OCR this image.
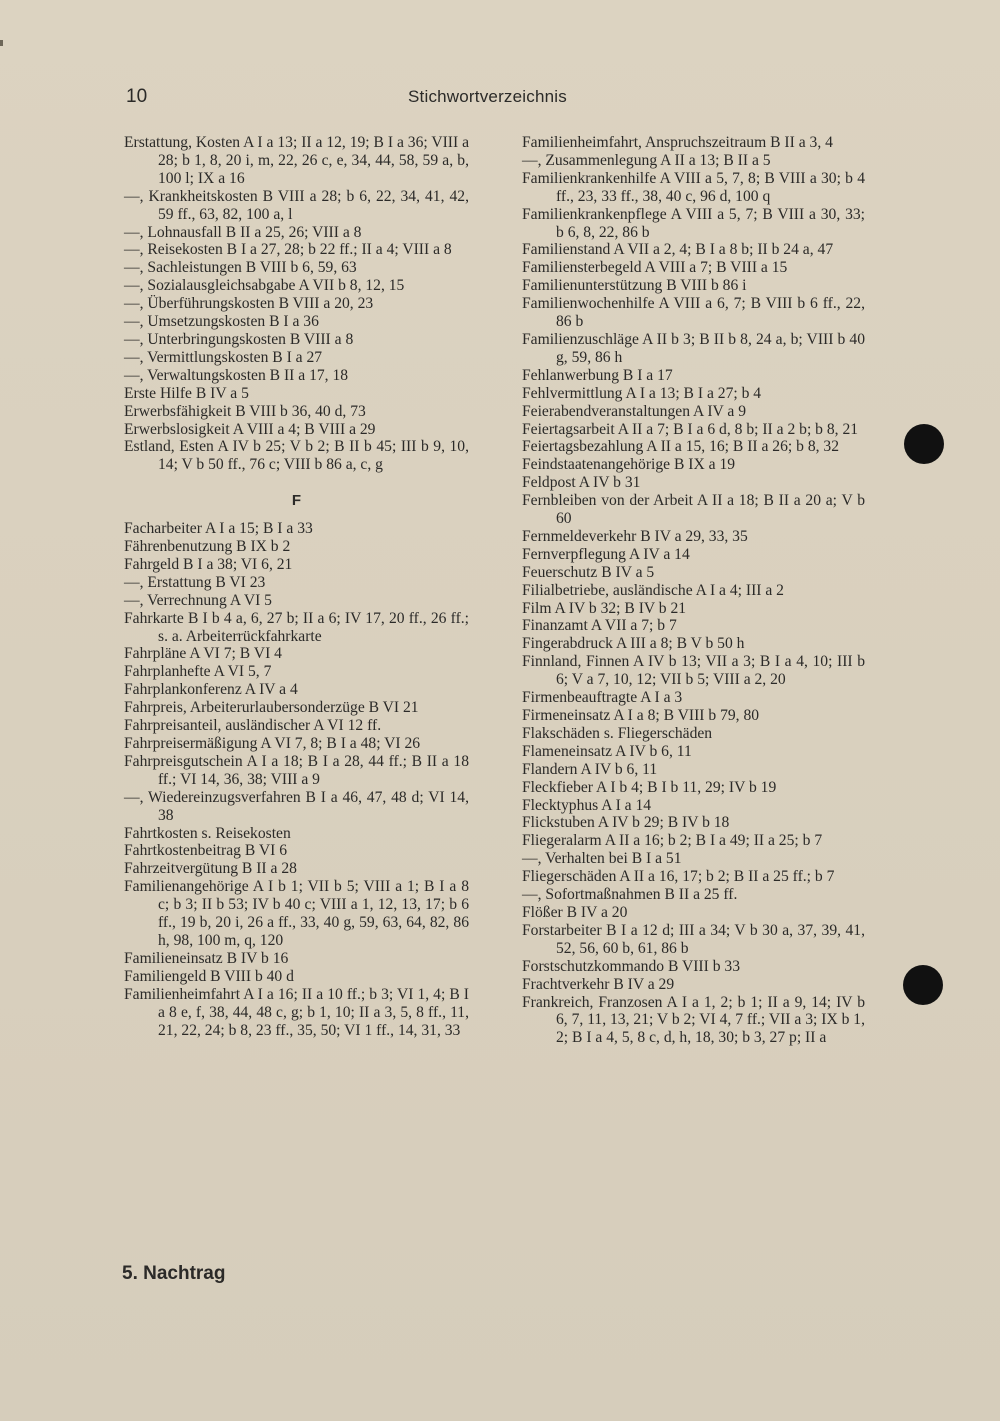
10	Stichwortverzeichnis
Erstattung, Kosten A I a 13; II a 12, 19; B I a 36; VIII a 28; b 1, 8, 20 i, m, 22, 26 c, e, 34, 44, 58, 59 a, b, 100 l; IX a 16
—, Krankheitskosten B VIII a 28; b 6, 22, 34, 41, 42, 59 ff., 63, 82, 100 a, l
—, Lohnausfall B II a 25, 26; VIII a 8
—, Reisekosten B I a 27, 28; b 22 ff.; II a 4; VIII a 8
—, Sachleistungen B VIII b 6, 59, 63
—, Sozialausgleichsabgabe A VII b 8, 12, 15
—, Überführungskosten B VIII a 20, 23
—, Umsetzungskosten B I a 36
—, Unterbringungskosten B VIII a 8
—, Vermittlungskosten B I a 27
—, Verwaltungskosten B II a 17, 18
Erste Hilfe B IV a 5
Erwerbsfähigkeit B VIII b 36, 40 d, 73
Erwerbslosigkeit A VIII a 4; B VIII a 29
Estland, Esten A IV b 25; V b 2; B II b 45; III b 9, 10, 14; V b 50 ff., 76 c; VIII b 86 a, c, g
F
Facharbeiter A I a 15; B I a 33
Fährenbenutzung B IX b 2
Fahrgeld B I a 38; VI 6, 21
—, Erstattung B VI 23
—, Verrechnung A VI 5
Fahrkarte B I b 4 a, 6, 27 b; II a 6; IV 17, 20 ff., 26 ff.; s. a. Arbeiterrückfahrkarte
Fahrpläne A VI 7; B VI 4
Fahrplanhefte A VI 5, 7
Fahrplankonferenz A IV a 4
Fahrpreis, Arbeiterurlaubersonderzüge B VI 21
Fahrpreisanteil, ausländischer A VI 12 ff.
Fahrpreisermäßigung A VI 7, 8; B I a 48; VI 26
Fahrpreisgutschein A I a 18; B I a 28, 44 ff.; B II a 18 ff.; VI 14, 36, 38; VIII a 9
—, Wiedereinzugsverfahren B I a 46, 47, 48 d; VI 14, 38
Fahrtkosten s. Reisekosten
Fahrtkostenbeitrag B VI 6
Fahrzeitvergütung B II a 28
Familienangehörige A I b 1; VII b 5; VIII a 1; B I a 8 c; b 3; II b 53; IV b 40 c; VIII a 1, 12, 13, 17; b 6 ff., 19 b, 20 i, 26 a ff., 33, 40 g, 59, 63, 64, 82, 86 h, 98, 100 m, q, 120
Familieneinsatz B IV b 16
Familiengeld B VIII b 40 d
Familienheimfahrt A I a 16; II a 10 ff.; b 3; VI 1, 4; B I a 8 e, f, 38, 44, 48 c, g; b 1, 10; II a 3, 5, 8 ff., 11, 21, 22, 24; b 8, 23 ff., 35, 50; VI 1 ff., 14, 31, 33
Familienheimfahrt, Anspruchszeitraum B II a 3, 4
—, Zusammenlegung A II a 13; B II a 5
Familienkrankenhilfe A VIII a 5, 7, 8; B VIII a 30; b 4 ff., 23, 33 ff., 38, 40 c, 96 d, 100 q
Familienkrankenpflege A VIII a 5, 7; B VIII a 30, 33; b 6, 8, 22, 86 b
Familienstand A VII a 2, 4; B I a 8 b; II b 24 a, 47
Familiensterbegeld A VIII a 7; B VIII a 15
Familienunterstützung B VIII b 86 i
Familienwochenhilfe A VIII a 6, 7; B VIII b 6 ff., 22, 86 b
Familienzuschläge A II b 3; B II b 8, 24 a, b; VIII b 40 g, 59, 86 h
Fehlanwerbung B I a 17
Fehlvermittlung A I a 13; B I a 27; b 4
Feierabendveranstaltungen A IV a 9
Feiertagsarbeit A II a 7; B I a 6 d, 8 b; II a 2 b; b 8, 21
Feiertagsbezahlung A II a 15, 16; B II a 26; b 8, 32
Feindstaatenangehörige B IX a 19
Feldpost A IV b 31
Fernbleiben von der Arbeit A II a 18; B II a 20 a; V b 60
Fernmeldeverkehr B IV a 29, 33, 35
Fernverpflegung A IV a 14
Feuerschutz B IV a 5
Filialbetriebe, ausländische A I a 4; III a 2
Film A IV b 32; B IV b 21
Finanzamt A VII a 7; b 7
Fingerabdruck A III a 8; B V b 50 h
Finnland, Finnen A IV b 13; VII a 3; B I a 4, 10; III b 6; V a 7, 10, 12; VII b 5; VIII a 2, 20
Firmenbeauftragte A I a 3
Firmeneinsatz A I a 8; B VIII b 79, 80
Flakschäden s. Fliegerschäden
Flameneinsatz A IV b 6, 11
Flandern A IV b 6, 11
Fleckfieber A I b 4; B I b 11, 29; IV b 19
Flecktyphus A I a 14
Flickstuben A IV b 29; B IV b 18
Fliegeralarm A II a 16; b 2; B I a 49; II a 25; b 7
—, Verhalten bei B I a 51
Fliegerschäden A II a 16, 17; b 2; B II a 25 ff.; b 7
—, Sofortmaßnahmen B II a 25 ff.
Flößer B IV a 20
Forstarbeiter B I a 12 d; III a 34; V b 30 a, 37, 39, 41, 52, 56, 60 b, 61, 86 b
Forstschutzkommando B VIII b 33
Frachtverkehr B IV a 29
Frankreich, Franzosen A I a 1, 2; b 1; II a 9, 14; IV b 6, 7, 11, 13, 21; V b 2; VI 4, 7 ff.; VII a 3; IX b 1, 2; B I a 4, 5, 8 c, d, h, 18, 30; b 3, 27 p; II a
5. Nachtrag
